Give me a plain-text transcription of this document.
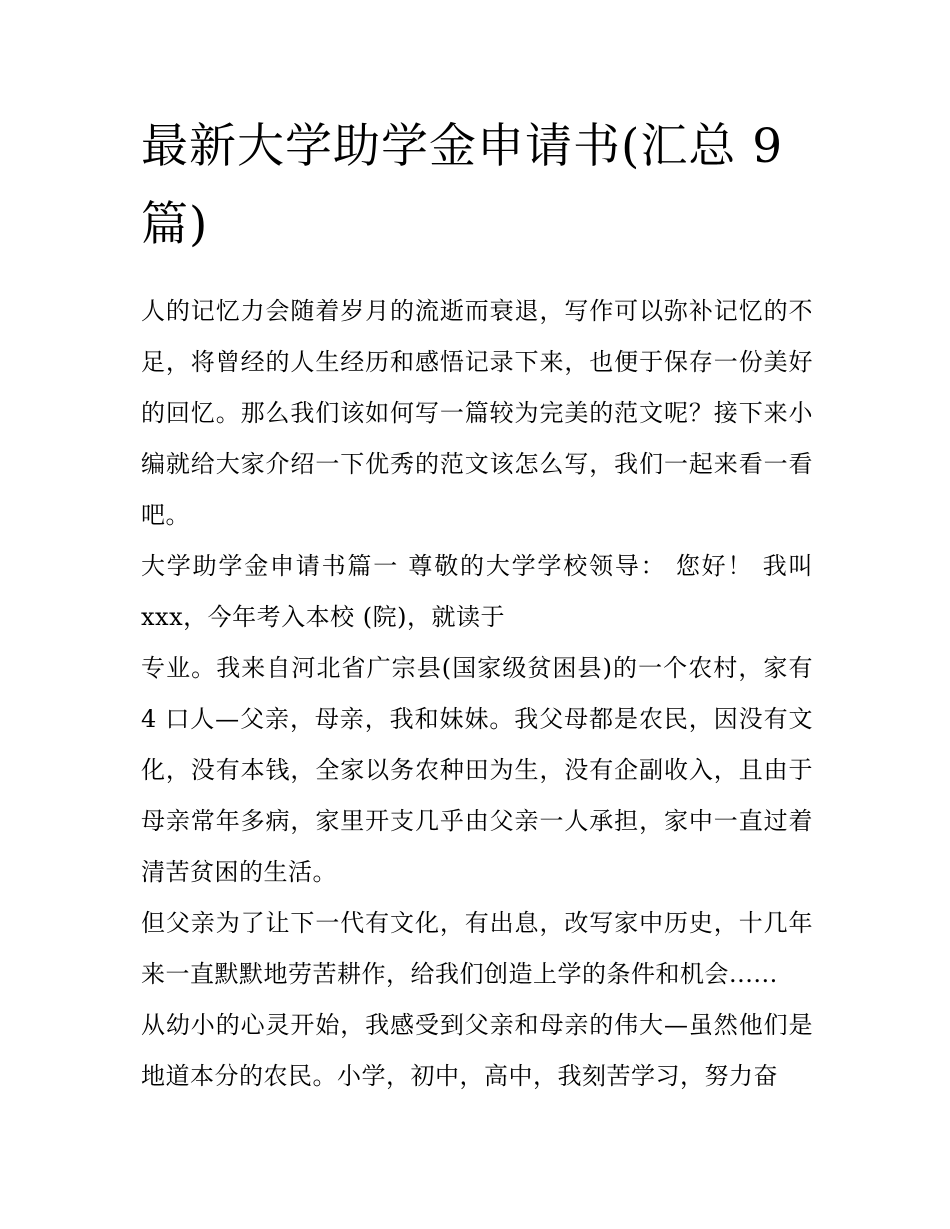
最新大学助学金申请书(汇总 9 篇)

人的记忆力会随着岁月的流逝而衰退，写作可以弥补记忆的不足，将曾经的人生经历和感悟记录下来，也便于保存一份美好的回忆。那么我们该如何写一篇较为完美的范文呢？接下来小编就给大家介绍一下优秀的范文该怎么写，我们一起来看一看吧。

大学助学金申请书篇一 尊敬的大学学校领导： 您好！ 我叫xxx，今年考入本校 (院)，就读于

专业。我来自河北省广宗县(国家级贫困县)的一个农村，家有4 口人—父亲，母亲，我和妹妹。我父母都是农民，因没有文化，没有本钱，全家以务农种田为生，没有企副收入，且由于母亲常年多病，家里开支几乎由父亲一人承担，家中一直过着清苦贫困的生活。

但父亲为了让下一代有文化，有出息，改写家中历史，十几年来一直默默地劳苦耕作，给我们创造上学的条件和机会......

从幼小的心灵开始，我感受到父亲和母亲的伟大—虽然他们是地道本分的农民。小学，初中，高中，我刻苦学习，努力奋
